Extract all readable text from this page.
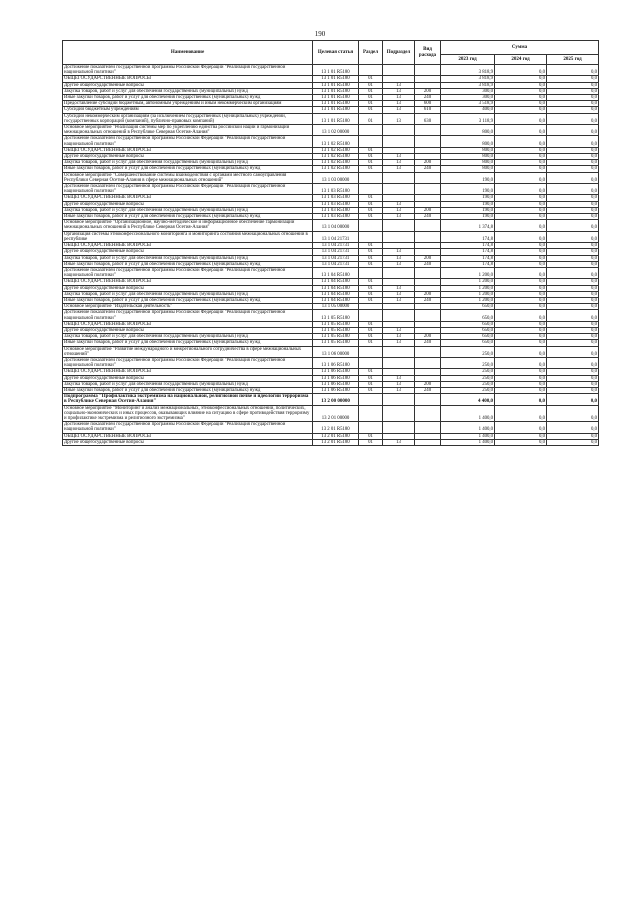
190
Наименование	Целевая статья	Раздел	Подраздел	Вид расхода	Сумма		
					2023 год	2024 год	2025 год
Достижение показателей государственной программы Российской Федерации "Реализация государственной национальной политики"	13 1 01 R5180				3 818,9	0,0	0,0
ОБЩЕГОСУДАРСТВЕННЫЕ ВОПРОСЫ	13 1 01 R5180	01			3 818,9	0,0	0,0
Другие общегосударственные вопросы	13 1 01 R5180	01	13		3 818,9	0,0	0,0
Закупка товаров, работ и услуг для обеспечения государственных (муниципальных) нужд	13 1 01 R5180	01	13	200	300,0	0,0	0,0
Иные закупки товаров, работ и услуг для обеспечения государственных (муниципальных) нужд	13 1 01 R5180	01	13	240	300,0	0,0	0,0
Предоставление субсидий бюджетным, автономным учреждениям и иным некоммерческим организациям	13 1 01 R5180	01	13	600	3 518,9	0,0	0,0
Субсидии бюджетным учреждениям	13 1 01 R5180	01	13	610	400,0	0,0	0,0
Субсидии некоммерческим организациям (за исключением государственных (муниципальных) учреждений, государственных корпораций (компаний), публично-правовых компаний)	13 1 01 R5180	01	13	630	3 118,9	0,0	0,0
Основное мероприятие "Реализация системы мер по укреплению единства российской нации и гармонизации межнациональных отношений в Республике Северная Осетия-Алания"	13 1 02 00000				800,0	0,0	0,0
Достижение показателей государственной программы Российской Федерации "Реализация государственной национальной политики"	13 1 02 R5180				800,0	0,0	0,0
ОБЩЕГОСУДАРСТВЕННЫЕ ВОПРОСЫ	13 1 02 R5180	01			800,0	0,0	0,0
Другие общегосударственные вопросы	13 1 02 R5180	01	13		800,0	0,0	0,0
Закупка товаров, работ и услуг для обеспечения государственных (муниципальных) нужд	13 1 02 R5180	01	13	200	800,0	0,0	0,0
Иные закупки товаров, работ и услуг для обеспечения государственных (муниципальных) нужд	13 1 02 R5180	01	13	240	800,0	0,0	0,0
Основное мероприятие "Совершенствование системы взаимодействия с органами местного самоуправления Республики Северная Осетия-Алания в сфере межнациональных отношений"	13 1 03 00000				190,0	0,0	0,0
Достижение показателей государственной программы Российской Федерации "Реализация государственной национальной политики"	13 1 03 R5180				190,0	0,0	0,0
ОБЩЕГОСУДАРСТВЕННЫЕ ВОПРОСЫ	13 1 03 R5180	01			190,0	0,0	0,0
Другие общегосударственные вопросы	13 1 03 R5180	01	13		190,0	0,0	0,0
Закупка товаров, работ и услуг для обеспечения государственных (муниципальных) нужд	13 1 03 R5180	01	13	200	190,0	0,0	0,0
Иные закупки товаров, работ и услуг для обеспечения государственных (муниципальных) нужд	13 1 03 R5180	01	13	240	190,0	0,0	0,0
Основное мероприятие "Организационное, научно-методическое и информационное обеспечение гармонизации межнациональных отношений в Республике Северная Осетия-Алания"	13 1 04 00000				1 374,8	0,0	0,0
Организация системы этноконфессионального мониторинга и мониторинга состояния межнациональных отношений в республике	13 1 04 21731				174,8	0,0	0,0
ОБЩЕГОСУДАРСТВЕННЫЕ ВОПРОСЫ	13 1 04 21731	01			174,8	0,0	0,0
Другие общегосударственные вопросы	13 1 04 21731	01	13		174,8	0,0	0,0
Закупка товаров, работ и услуг для обеспечения государственных (муниципальных) нужд	13 1 04 21731	01	13	200	174,8	0,0	0,0
Иные закупки товаров, работ и услуг для обеспечения государственных (муниципальных) нужд	13 1 04 21731	01	13	240	174,8	0,0	0,0
Достижение показателей государственной программы Российской Федерации "Реализация государственной национальной политики"	13 1 04 R5180				1 200,0	0,0	0,0
ОБЩЕГОСУДАРСТВЕННЫЕ ВОПРОСЫ	13 1 04 R5180	01			1 200,0	0,0	0,0
Другие общегосударственные вопросы	13 1 04 R5180	01	13		1 200,0	0,0	0,0
Закупка товаров, работ и услуг для обеспечения государственных (муниципальных) нужд	13 1 04 R5180	01	13	200	1 200,0	0,0	0,0
Иные закупки товаров, работ и услуг для обеспечения государственных (муниципальных) нужд	13 1 04 R5180	01	13	240	1 200,0	0,0	0,0
Основное мероприятие "Издательская деятельность"	13 1 05 00000				650,0	0,0	0,0
Достижение показателей государственной программы Российской Федерации "Реализация государственной национальной политики"	13 1 05 R5180				650,0	0,0	0,0
ОБЩЕГОСУДАРСТВЕННЫЕ ВОПРОСЫ	13 1 05 R5180	01			650,0	0,0	0,0
Другие общегосударственные вопросы	13 1 05 R5180	01	13		650,0	0,0	0,0
Закупка товаров, работ и услуг для обеспечения государственных (муниципальных) нужд	13 1 05 R5180	01	13	200	650,0	0,0	0,0
Иные закупки товаров, работ и услуг для обеспечения государственных (муниципальных) нужд	13 1 05 R5180	01	13	240	650,0	0,0	0,0
Основное мероприятие "Развитие международного и межрегионального сотрудничества в сфере межнациональных отношений"	13 1 06 00000				250,0	0,0	0,0
Достижение показателей государственной программы Российской Федерации "Реализация государственной национальной политики"	13 1 06 R5180				250,0	0,0	0,0
ОБЩЕГОСУДАРСТВЕННЫЕ ВОПРОСЫ	13 1 06 R5180	01			250,0	0,0	0,0
Другие общегосударственные вопросы	13 1 06 R5180	01	13		250,0	0,0	0,0
Закупка товаров, работ и услуг для обеспечения государственных (муниципальных) нужд	13 1 06 R5180	01	13	200	250,0	0,0	0,0
Иные закупки товаров, работ и услуг для обеспечения государственных (муниципальных) нужд	13 1 06 R5180	01	13	240	250,0	0,0	0,0
Подпрограмма "Профилактика экстремизма на национальной, религиозной почве и идеологии терроризма в Республике Северная Осетия-Алания"	13 2 00 00000				4 400,0	0,0	0,0
Основное мероприятие "Мониторинг и анализ межнациональных, этноконфессиональных отношений, политических, социально-экономических и иных процессов, оказывающих влияние на ситуацию в сфере противодействия терроризму и профилактике экстремизма и религиозного экстремизма"	13 2 01 00000				1 400,0	0,0	0,0
Достижение показателей государственной программы Российской Федерации "Реализация государственной национальной политики"	13 2 01 R5180				1 400,0	0,0	0,0
ОБЩЕГОСУДАРСТВЕННЫЕ ВОПРОСЫ	13 2 01 R5180	01			1 400,0	0,0	0,0
Другие общегосударственные вопросы	13 2 01 R5180	01	13		1 400,0	0,0	0,0
